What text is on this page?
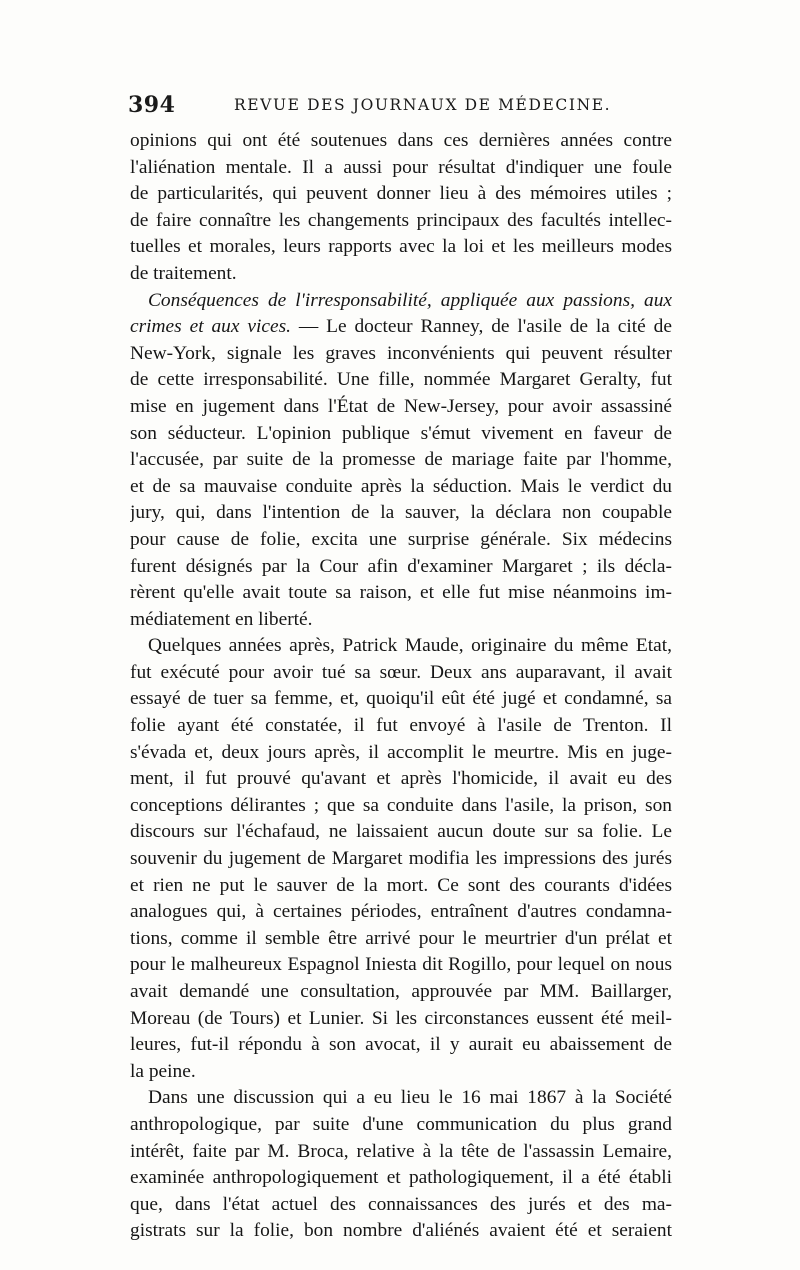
394	REVUE DES JOURNAUX DE MÉDECINE.
opinions qui ont été soutenues dans ces dernières années contre
l'aliénation mentale. Il a aussi pour résultat d'indiquer une foule
de particularités, qui peuvent donner lieu à des mémoires utiles ;
de faire connaître les changements principaux des facultés intellec-
tuelles et morales, leurs rapports avec la loi et les meilleurs modes
de traitement.
Conséquences de l'irresponsabilité, appliquée aux passions, aux
crimes et aux vices. — Le docteur Ranney, de l'asile de la cité de
New-York, signale les graves inconvénients qui peuvent résulter
de cette irresponsabilité. Une fille, nommée Margaret Geralty, fut
mise en jugement dans l'État de New-Jersey, pour avoir assassiné
son séducteur. L'opinion publique s'émut vivement en faveur de
l'accusée, par suite de la promesse de mariage faite par l'homme,
et de sa mauvaise conduite après la séduction. Mais le verdict du
jury, qui, dans l'intention de la sauver, la déclara non coupable
pour cause de folie, excita une surprise générale. Six médecins
furent désignés par la Cour afin d'examiner Margaret ; ils décla-
rèrent qu'elle avait toute sa raison, et elle fut mise néanmoins im-
médiatement en liberté.
Quelques années après, Patrick Maude, originaire du même Etat,
fut exécuté pour avoir tué sa sœur. Deux ans auparavant, il avait
essayé de tuer sa femme, et, quoiqu'il eût été jugé et condamné, sa
folie ayant été constatée, il fut envoyé à l'asile de Trenton. Il
s'évada et, deux jours après, il accomplit le meurtre. Mis en juge-
ment, il fut prouvé qu'avant et après l'homicide, il avait eu des
conceptions délirantes ; que sa conduite dans l'asile, la prison, son
discours sur l'échafaud, ne laissaient aucun doute sur sa folie. Le
souvenir du jugement de Margaret modifia les impressions des jurés
et rien ne put le sauver de la mort. Ce sont des courants d'idées
analogues qui, à certaines périodes, entraînent d'autres condamna-
tions, comme il semble être arrivé pour le meurtrier d'un prélat et
pour le malheureux Espagnol Iniesta dit Rogillo, pour lequel on nous
avait demandé une consultation, approuvée par MM. Baillarger,
Moreau (de Tours) et Lunier. Si les circonstances eussent été meil-
leures, fut-il répondu à son avocat, il y aurait eu abaissement de
la peine.
Dans une discussion qui a eu lieu le 16 mai 1867 à la Société
anthropologique, par suite d'une communication du plus grand
intérêt, faite par M. Broca, relative à la tête de l'assassin Lemaire,
examinée anthropologiquement et pathologiquement, il a été établi
que, dans l'état actuel des connaissances des jurés et des ma-
gistrats sur la folie, bon nombre d'aliénés avaient été et seraient
